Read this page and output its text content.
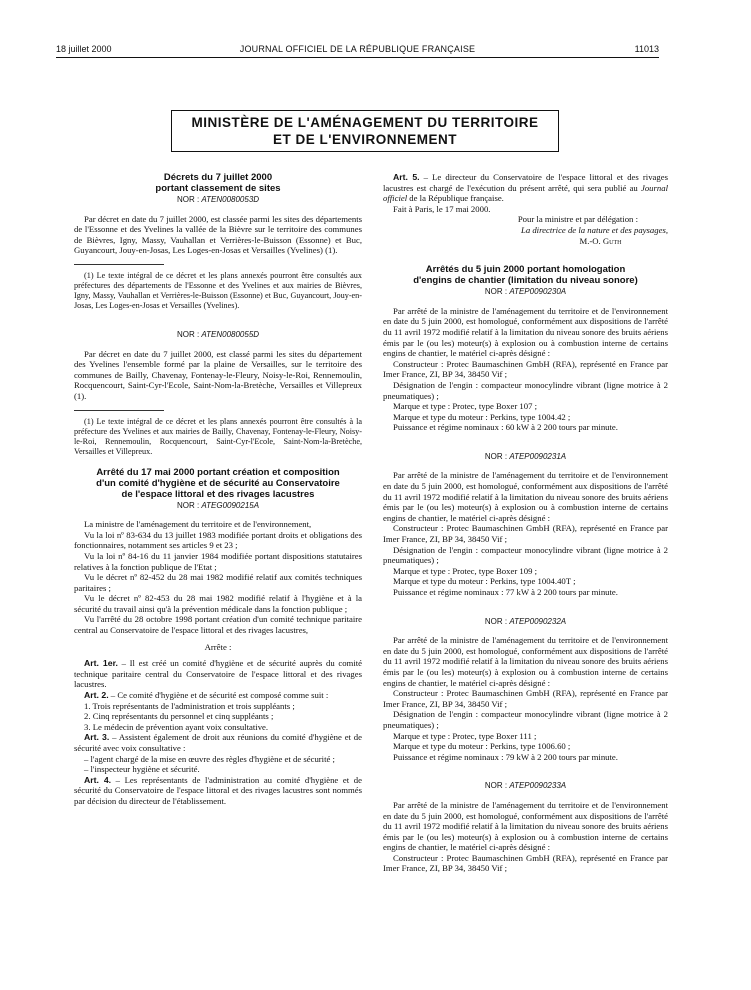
18 juillet 2000	JOURNAL OFFICIEL DE LA RÉPUBLIQUE FRANÇAISE	11013
MINISTÈRE DE L'AMÉNAGEMENT DU TERRITOIRE
ET DE L'ENVIRONNEMENT
Décrets du 7 juillet 2000
portant classement de sites
NOR : ATEN0080053D

Par décret en date du 7 juillet 2000, est classée parmi les sites des départements de l'Essonne et des Yvelines la vallée de la Bièvre sur le territoire des communes de Bièvres, Igny, Massy, Vauhallan et Verrières-le-Buisson (Essonne) et Buc, Guyancourt, Jouy-en-Josas, Les Loges-en-Josas et Versailles (Yvelines) (1).

(1) Le texte intégral de ce décret et les plans annexés pourront être consultés aux préfectures des départements de l'Essonne et des Yvelines et aux mairies de Bièvres, Igny, Massy, Vauhallan et Verrières-le-Buisson (Essonne) et Buc, Guyancourt, Jouy-en-Josas, Les Loges-en-Josas et Versailles (Yvelines).

NOR : ATEN0080055D

Par décret en date du 7 juillet 2000, est classé parmi les sites du département des Yvelines l'ensemble formé par la plaine de Versailles, sur le territoire des communes de Bailly, Chavenay, Fontenay-le-Fleury, Noisy-le-Roi, Rennemoulin, Rocquencourt, Saint-Cyr-l'Ecole, Saint-Nom-la-Bretèche, Versailles et Villepreux (1).

(1) Le texte intégral de ce décret et les plans annexés pourront être consultés à la préfecture des Yvelines et aux mairies de Bailly, Chavenay, Fontenay-le-Fleury, Noisy-le-Roi, Rennemoulin, Rocquencourt, Saint-Cyr-l'Ecole, Saint-Nom-la-Bretèche, Versailles et Villepreux.

Arrêté du 17 mai 2000 portant création et composition
d'un comité d'hygiène et de sécurité au Conservatoire
de l'espace littoral et des rivages lacustres
NOR : ATEG0090215A

La ministre de l'aménagement du territoire et de l'environnement,

Vu la loi nº 83-634 du 13 juillet 1983 modifiée portant droits et obligations des fonctionnaires, notamment ses articles 9 et 23 ;

Vu la loi nº 84-16 du 11 janvier 1984 modifiée portant dispositions statutaires relatives à la fonction publique de l'Etat ;

Vu le décret nº 82-452 du 28 mai 1982 modifié relatif aux comités techniques paritaires ;

Vu le décret nº 82-453 du 28 mai 1982 modifié relatif à l'hygiène et à la sécurité du travail ainsi qu'à la prévention médicale dans la fonction publique ;

Vu l'arrêté du 28 octobre 1998 portant création d'un comité technique paritaire central au Conservatoire de l'espace littoral et des rivages lacustres,

Arrête :

Art. 1er. – Il est créé un comité d'hygiène et de sécurité auprès du comité technique paritaire central du Conservatoire de l'espace littoral et des rivages lacustres.

Art. 2. – Ce comité d'hygiène et de sécurité est composé comme suit :

1. Trois représentants de l'administration et trois suppléants ;

2. Cinq représentants du personnel et cinq suppléants ;

3. Le médecin de prévention ayant voix consultative.

Art. 3. – Assistent également de droit aux réunions du comité d'hygiène et de sécurité avec voix consultative :

– l'agent chargé de la mise en œuvre des règles d'hygiène et de sécurité ;

– l'inspecteur hygiène et sécurité.

Art. 4. – Les représentants de l'administration au comité d'hygiène et de sécurité du Conservatoire de l'espace littoral et des rivages lacustres sont nommés par décision du directeur de l'établissement.

Art. 5. – Le directeur du Conservatoire de l'espace littoral et des rivages lacustres est chargé de l'exécution du présent arrêté, qui sera publié au Journal officiel de la République française.

Fait à Paris, le 17 mai 2000.

Pour la ministre et par délégation :

La directrice de la nature et des paysages,

M.-O. Guth

Arrêtés du 5 juin 2000 portant homologation
d'engins de chantier (limitation du niveau sonore)
NOR : ATEP0090230A

Par arrêté de la ministre de l'aménagement du territoire et de l'environnement en date du 5 juin 2000, est homologué, conformément aux dispositions de l'arrêté du 11 avril 1972 modifié relatif à la limitation du niveau sonore des bruits aériens émis par le (ou les) moteur(s) à explosion ou à combustion interne de certains engins de chantier, le matériel ci-après désigné :

Constructeur : Protec Baumaschinen GmbH (RFA), représenté en France par Imer France, ZI, BP 34, 38450 Vif ;

Désignation de l'engin : compacteur monocylindre vibrant (ligne motrice à 2 pneumatiques) ;

Marque et type : Protec, type Boxer 107 ;

Marque et type du moteur : Perkins, type 1004.42 ;

Puissance et régime nominaux : 60 kW à 2 200 tours par minute.

NOR : ATEP0090231A

Par arrêté de la ministre de l'aménagement du territoire et de l'environnement en date du 5 juin 2000, est homologué, conformément aux dispositions de l'arrêté du 11 avril 1972 modifié relatif à la limitation du niveau sonore des bruits aériens émis par le (ou les) moteur(s) à explosion ou à combustion interne de certains engins de chantier, le matériel ci-après désigné :

Constructeur : Protec Baumaschinen GmbH (RFA), représenté en France par Imer France, ZI, BP 34, 38450 Vif ;

Désignation de l'engin : compacteur monocylindre vibrant (ligne motrice à 2 pneumatiques) ;

Marque et type : Protec, type Boxer 109 ;

Marque et type du moteur : Perkins, type 1004.40T ;

Puissance et régime nominaux : 77 kW à 2 200 tours par minute.

NOR : ATEP0090232A

Par arrêté de la ministre de l'aménagement du territoire et de l'environnement en date du 5 juin 2000, est homologué, conformément aux dispositions de l'arrêté du 11 avril 1972 modifié relatif à la limitation du niveau sonore des bruits aériens émis par le (ou les) moteur(s) à explosion ou à combustion interne de certains engins de chantier, le matériel ci-après désigné :

Constructeur : Protec Baumaschinen GmbH (RFA), représenté en France par Imer France, ZI, BP 34, 38450 Vif ;

Désignation de l'engin : compacteur monocylindre vibrant (ligne motrice à 2 pneumatiques) ;

Marque et type : Protec, type Boxer 111 ;

Marque et type du moteur : Perkins, type 1006.60 ;

Puissance et régime nominaux : 79 kW à 2 200 tours par minute.

NOR : ATEP0090233A

Par arrêté de la ministre de l'aménagement du territoire et de l'environnement en date du 5 juin 2000, est homologué, conformément aux dispositions de l'arrêté du 11 avril 1972 modifié relatif à la limitation du niveau sonore des bruits aériens émis par le (ou les) moteur(s) à explosion ou à combustion interne de certains engins de chantier, le matériel ci-après désigné :

Constructeur : Protec Baumaschinen GmbH (RFA), représenté en France par Imer France, ZI, BP 34, 38450 Vif ;
